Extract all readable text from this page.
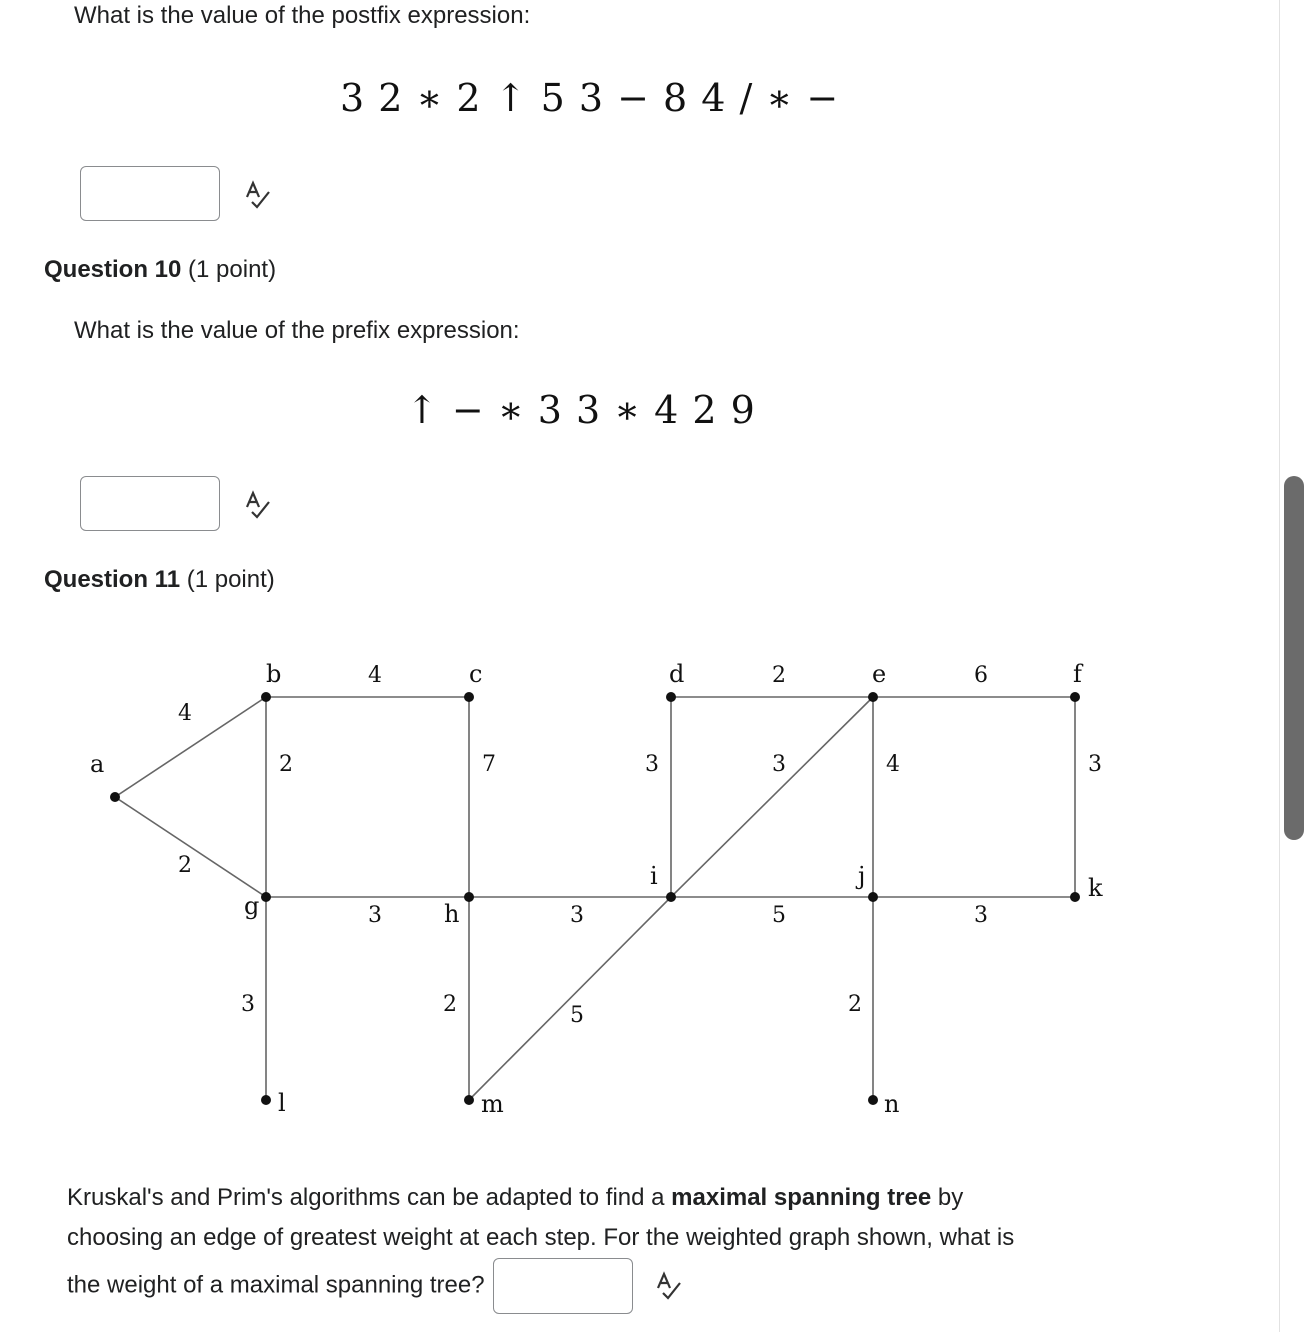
What is the value of the postfix expression:
3 2 ∗ 2 ↑ 5 3 − 8 4 / ∗ −
Question 10 (1 point)
What is the value of the prefix expression:
↑ − ∗ 3 3 ∗ 4 2 9
Question 11 (1 point)
a
b	c	d	e	f
g	h
i	j	k
l	m	n
4
2
4
2	7	3
2	6
3	4	3
3	3	5	3
3	2	5	2
Kruskal's and Prim's algorithms can be adapted to find a maximal spanning tree by choosing an edge of greatest weight at each step. For the weighted graph shown, what is the weight of a maximal spanning tree?
